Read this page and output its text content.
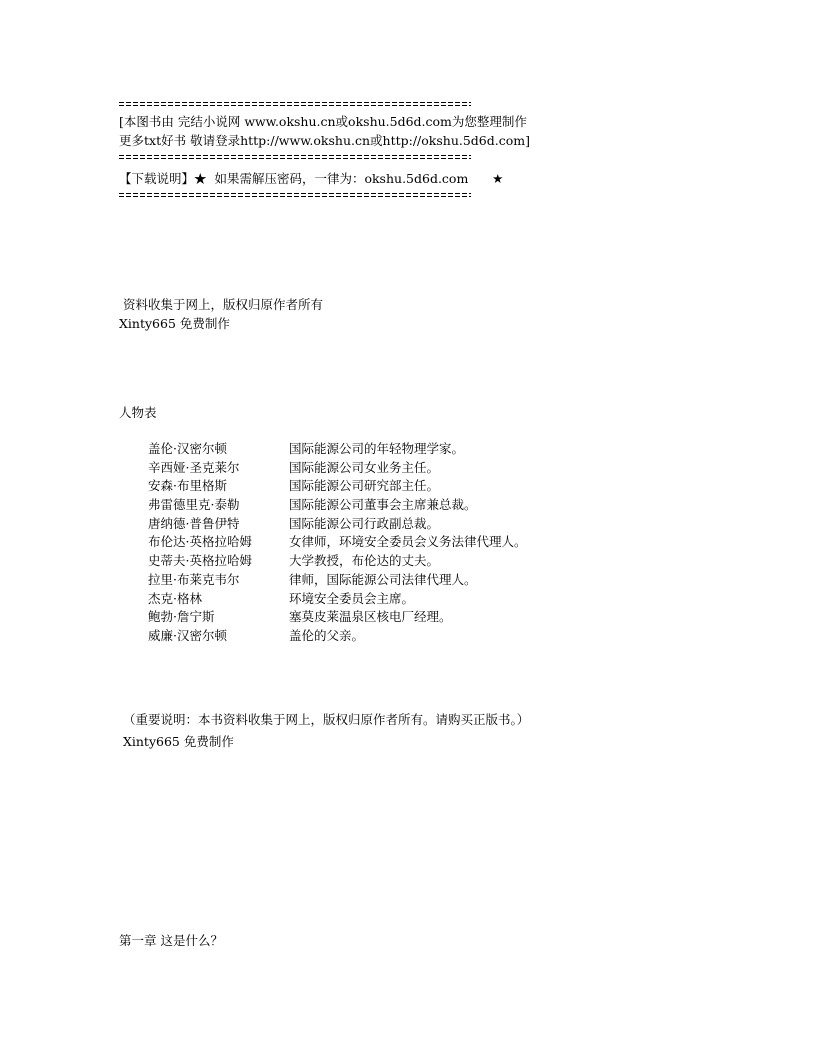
[本图书由 完结小说网 www.okshu.cn或okshu.5d6d.com为您整理制作
更多txt好书 敬请登录http://www.okshu.cn或http://okshu.5d6d.com]
【下载说明】★  如果需解压密码，一律为：okshu.5d6d.com      ★
资料收集于网上，版权归原作者所有
Xinty665 免费制作
人物表
盖伦·汉密尔顿	国际能源公司的年轻物理学家。
辛西娅·圣克莱尔	国际能源公司女业务主任。
安森·布里格斯	国际能源公司研究部主任。
弗雷德里克·泰勒	国际能源公司董事会主席兼总裁。
唐纳德·普鲁伊特	国际能源公司行政副总裁。
布伦达·英格拉哈姆	女律师，环境安全委员会义务法律代理人。
史蒂夫·英格拉哈姆	大学教授，布伦达的丈夫。
拉里·布莱克韦尔	律师，国际能源公司法律代理人。
杰克·格林	环境安全委员会主席。
鲍勃·詹宁斯	塞莫皮莱温泉区核电厂经理。
威廉·汉密尔顿	盖伦的父亲。
（重要说明：本书资料收集于网上，版权归原作者所有。请购买正版书。）
Xinty665 免费制作
第一章 这是什么？
